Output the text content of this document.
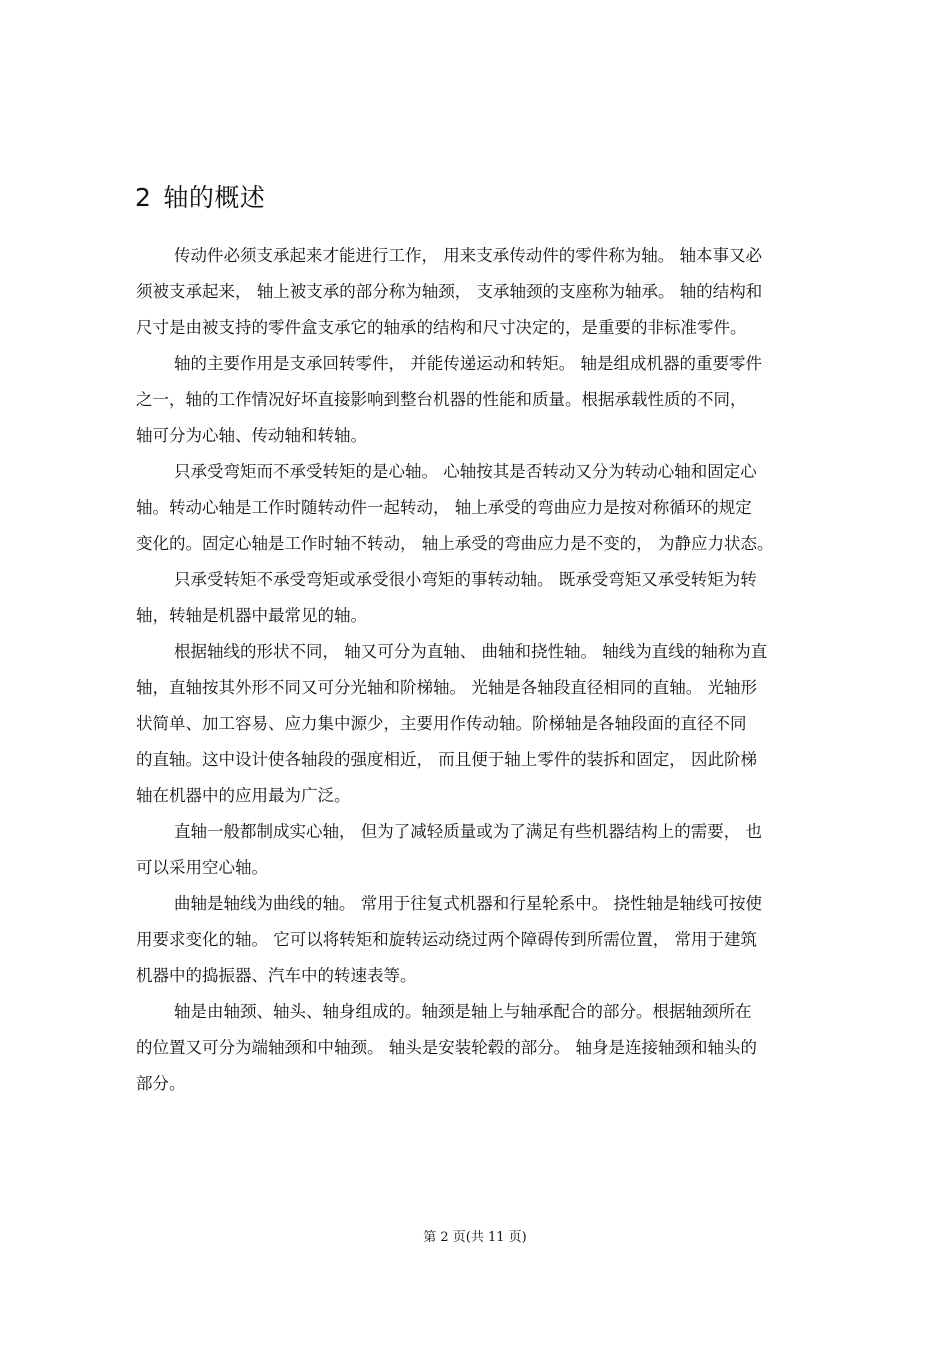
2 轴的概述
传动件必须支承起来才能进行工作， 用来支承传动件的零件称为轴。 轴本事又必
须被支承起来， 轴上被支承的部分称为轴颈， 支承轴颈的支座称为轴承。 轴的结构和
尺寸是由被支持的零件盒支承它的轴承的结构和尺寸决定的，是重要的非标准零件。
轴的主要作用是支承回转零件， 并能传递运动和转矩。 轴是组成机器的重要零件
之一，轴的工作情况好坏直接影响到整台机器的性能和质量。根据承载性质的不同，
轴可分为心轴、传动轴和转轴。
只承受弯矩而不承受转矩的是心轴。 心轴按其是否转动又分为转动心轴和固定心
轴。转动心轴是工作时随转动件一起转动， 轴上承受的弯曲应力是按对称循环的规定
变化的。固定心轴是工作时轴不转动， 轴上承受的弯曲应力是不变的， 为静应力状态。
只承受转矩不承受弯矩或承受很小弯矩的事转动轴。 既承受弯矩又承受转矩为转
轴，转轴是机器中最常见的轴。
根据轴线的形状不同， 轴又可分为直轴、 曲轴和挠性轴。 轴线为直线的轴称为直
轴，直轴按其外形不同又可分光轴和阶梯轴。 光轴是各轴段直径相同的直轴。 光轴形
状简单、加工容易、应力集中源少，主要用作传动轴。阶梯轴是各轴段面的直径不同
的直轴。这中设计使各轴段的强度相近， 而且便于轴上零件的装拆和固定， 因此阶梯
轴在机器中的应用最为广泛。
直轴一般都制成实心轴， 但为了减轻质量或为了满足有些机器结构上的需要， 也
可以采用空心轴。
曲轴是轴线为曲线的轴。 常用于往复式机器和行星轮系中。 挠性轴是轴线可按使
用要求变化的轴。 它可以将转矩和旋转运动绕过两个障碍传到所需位置， 常用于建筑
机器中的捣振器、汽车中的转速表等。
轴是由轴颈、轴头、轴身组成的。轴颈是轴上与轴承配合的部分。根据轴颈所在
的位置又可分为端轴颈和中轴颈。 轴头是安装轮毂的部分。 轴身是连接轴颈和轴头的
部分。
第 2 页(共 11 页)
